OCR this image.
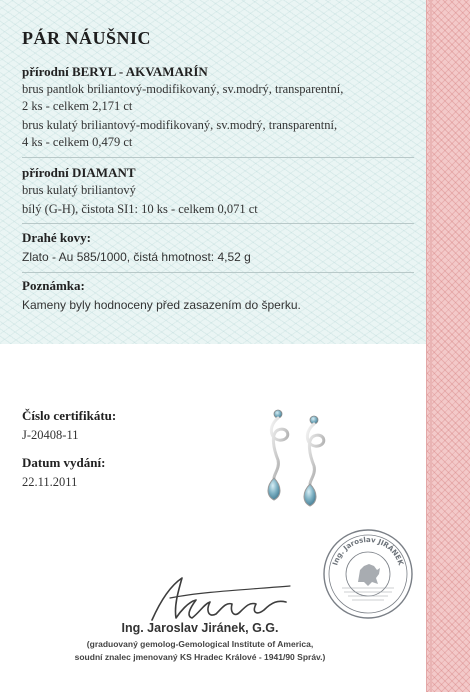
PÁR NÁUŠNIC
přírodní BERYL - AKVAMARÍN
brus pantlok briliantový-modifikovaný, sv.modrý, transparentní,
2 ks - celkem 2,171 ct
brus kulatý briliantový-modifikovaný, sv.modrý, transparentní,
4 ks - celkem 0,479 ct
přírodní DIAMANT
brus kulatý briliantový
bílý (G-H), čistota SI1: 10 ks - celkem 0,071 ct
Drahé kovy:
Zlato - Au 585/1000, čistá hmotnost: 4,52 g
Poznámka:
Kameny byly hodnoceny před zasazením do šperku.
Číslo certifikátu:
J-20408-11
Datum vydání:
22.11.2011
Ing. Jaroslav JIRÁNEK
Ing. Jaroslav Jiránek, G.G.
(graduovaný gemolog-Gemological Institute of America,
soudní znalec jmenovaný KS Hradec Králové - 1941/90 Správ.)
